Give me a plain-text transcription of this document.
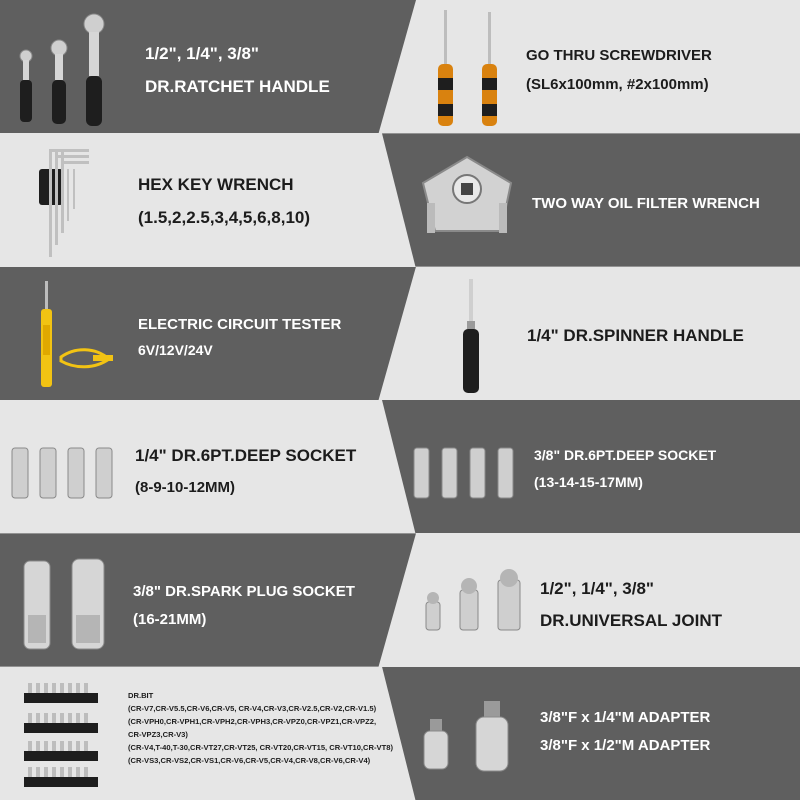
1/2", 1/4", 3/8"
DR.RATCHET HANDLE
GO THRU SCREWDRIVER
(SL6x100mm, #2x100mm)
HEX KEY WRENCH
(1.5,2,2.5,3,4,5,6,8,10)
TWO WAY OIL FILTER WRENCH
ELECTRIC CIRCUIT TESTER
6V/12V/24V
1/4" DR.SPINNER HANDLE
1/4" DR.6PT.DEEP SOCKET
(8-9-10-12MM)
3/8" DR.6PT.DEEP SOCKET
(13-14-15-17MM)
3/8" DR.SPARK PLUG SOCKET
(16-21MM)
1/2", 1/4", 3/8"
DR.UNIVERSAL JOINT
DR.BIT
(CR-V7,CR-V5.5,CR-V6,CR-V5, CR-V4,CR-V3,CR-V2.5,CR-V2,CR-V1.5)
(CR-VPH0,CR-VPH1,CR-VPH2,CR-VPH3,CR-VPZ0,CR-VPZ1,CR-VPZ2,
CR-VPZ3,CR-V3)
(CR-V4,T-40,T-30,CR-VT27,CR-VT25, CR-VT20,CR-VT15, CR-VT10,CR-VT8)
(CR-VS3,CR-VS2,CR-VS1,CR-V6,CR-V5,CR-V4,CR-V8,CR-V6,CR-V4)
3/8"F x 1/4"M ADAPTER
3/8"F x 1/2"M ADAPTER
